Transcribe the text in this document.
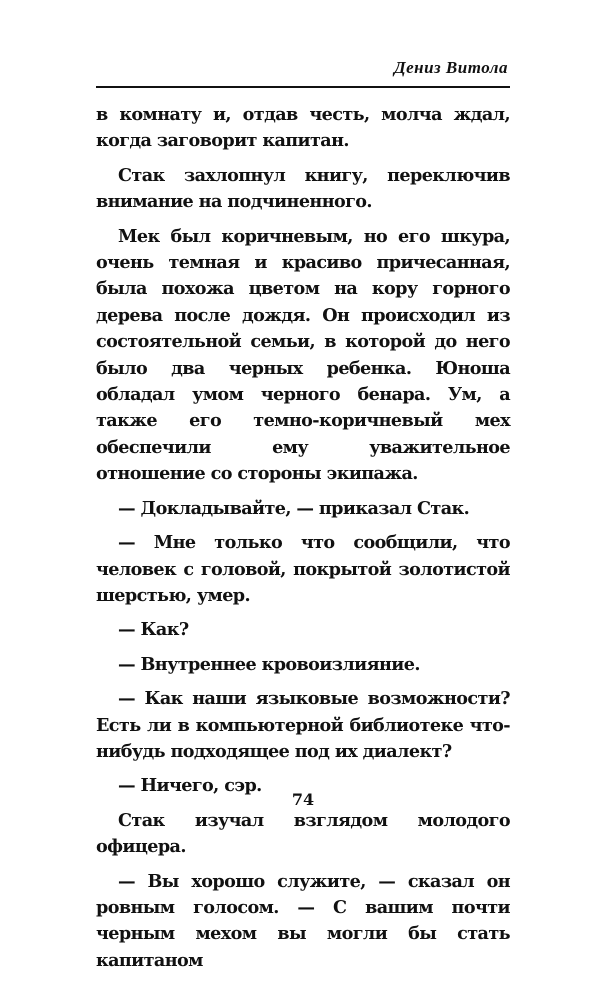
Дениз Витола

в комнату и, отдав честь, молча ждал, когда заговорит капитан.

Стак захлопнул книгу, переключив внимание на подчиненного.

Мек был коричневым, но его шкура, очень темная и красиво причесанная, была похожа цветом на кору горного дерева после дождя. Он происходил из состоятельной семьи, в которой до него было два черных ребенка. Юноша обладал умом черного бенара. Ум, а также его темно-коричневый мех обеспечили ему уважительное отношение со стороны экипажа.

— Докладывайте, — приказал Стак.

— Мне только что сообщили, что человек с головой, покрытой золотистой шерстью, умер.

— Как?

— Внутреннее кровоизлияние.

— Как наши языковые возможности? Есть ли в компьютерной библиотеке что-нибудь подходящее под их диалект?

— Ничего, сэр.

Стак изучал взглядом молодого офицера.

— Вы хорошо служите, — сказал он ровным голосом. — С вашим почти черным мехом вы могли бы стать капитаном

74
